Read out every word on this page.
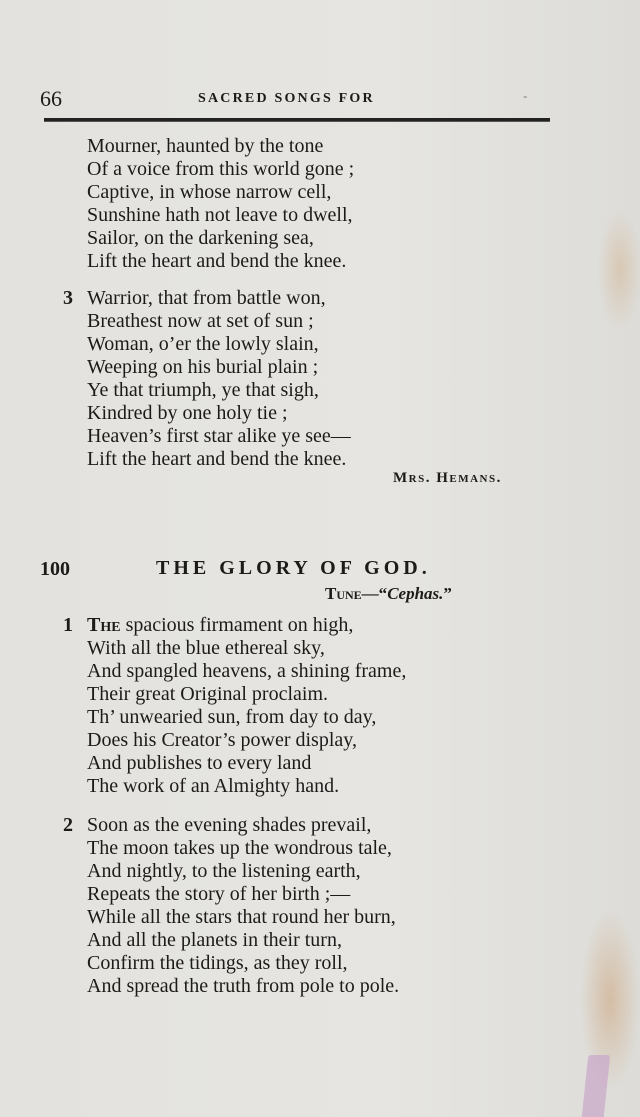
66	SACRED SONGS FOR	-
Mourner, haunted by the tone
Of a voice from this world gone ;
Captive, in whose narrow cell,
Sunshine hath not leave to dwell,
Sailor, on the darkening sea,
Lift the heart and bend the knee.
3 Warrior, that from battle won,
Breathest now at set of sun ;
Woman, o’er the lowly slain,
Weeping on his burial plain ;
Ye that triumph, ye that sigh,
Kindred by one holy tie ;
Heaven’s first star alike ye see—
Lift the heart and bend the knee.
Mrs. Hemans.
100	THE GLORY OF GOD.
Tune—“Cephas.”
1 The spacious firmament on high,
With all the blue ethereal sky,
And spangled heavens, a shining frame,
Their great Original proclaim.
Th’ unwearied sun, from day to day,
Does his Creator’s power display,
And publishes to every land
The work of an Almighty hand.
2 Soon as the evening shades prevail,
The moon takes up the wondrous tale,
And nightly, to the listening earth,
Repeats the story of her birth ;—
While all the stars that round her burn,
And all the planets in their turn,
Confirm the tidings, as they roll,
And spread the truth from pole to pole.
